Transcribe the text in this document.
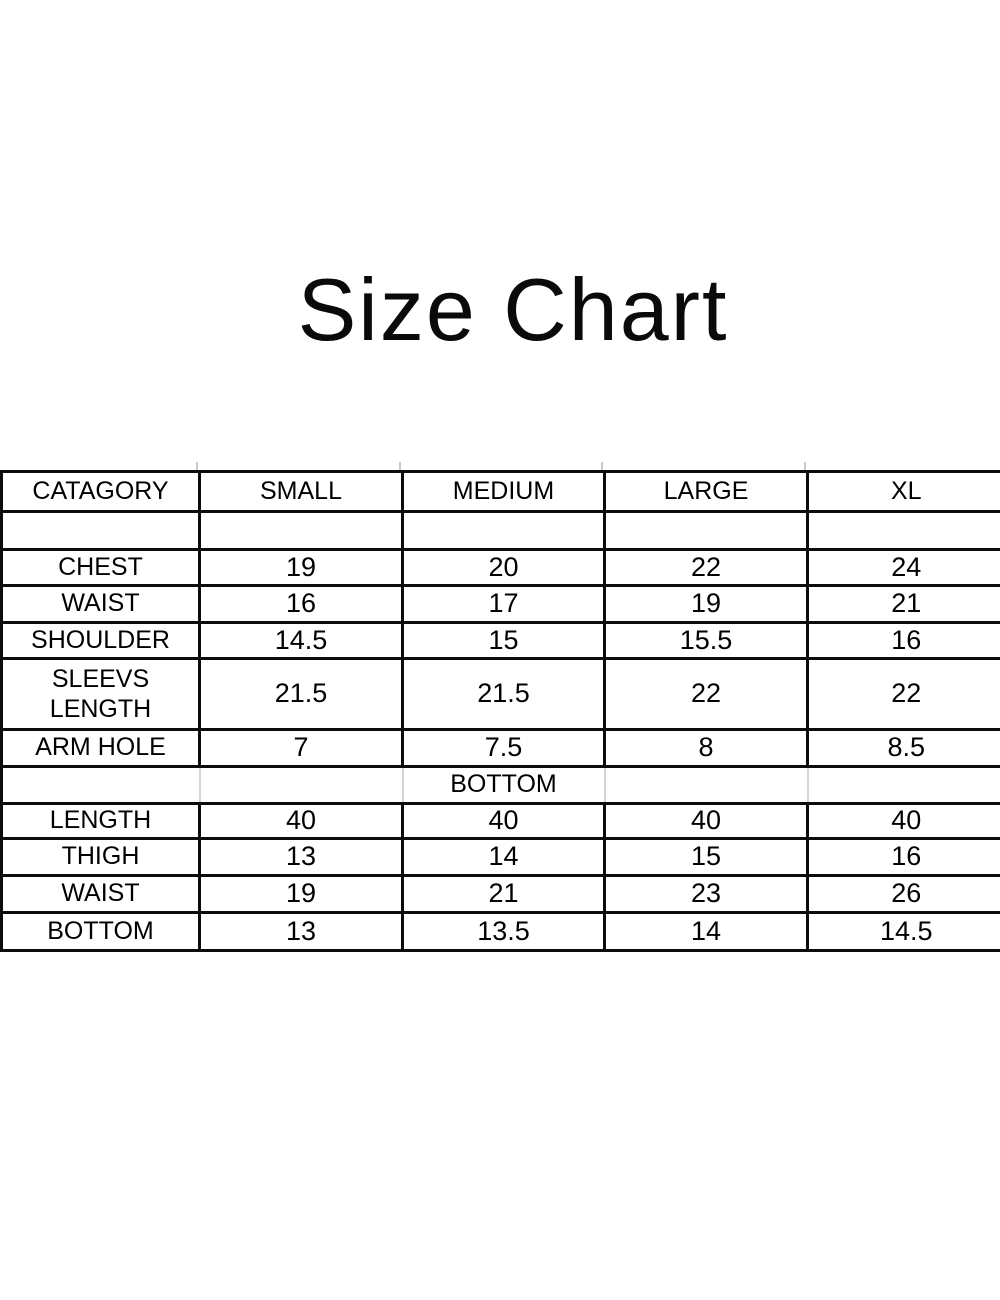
Size Chart
CATAGORY	SMALL	MEDIUM	LARGE	XL

CHEST	19	20	22	24
WAIST	16	17	19	21
SHOULDER	14.5	15	15.5	16
SLEEVS LENGTH	21.5	21.5	22	22
ARM HOLE	7	7.5	8	8.5
		BOTTOM		
LENGTH	40	40	40	40
THIGH	13	14	15	16
WAIST	19	21	23	26
BOTTOM	13	13.5	14	14.5
